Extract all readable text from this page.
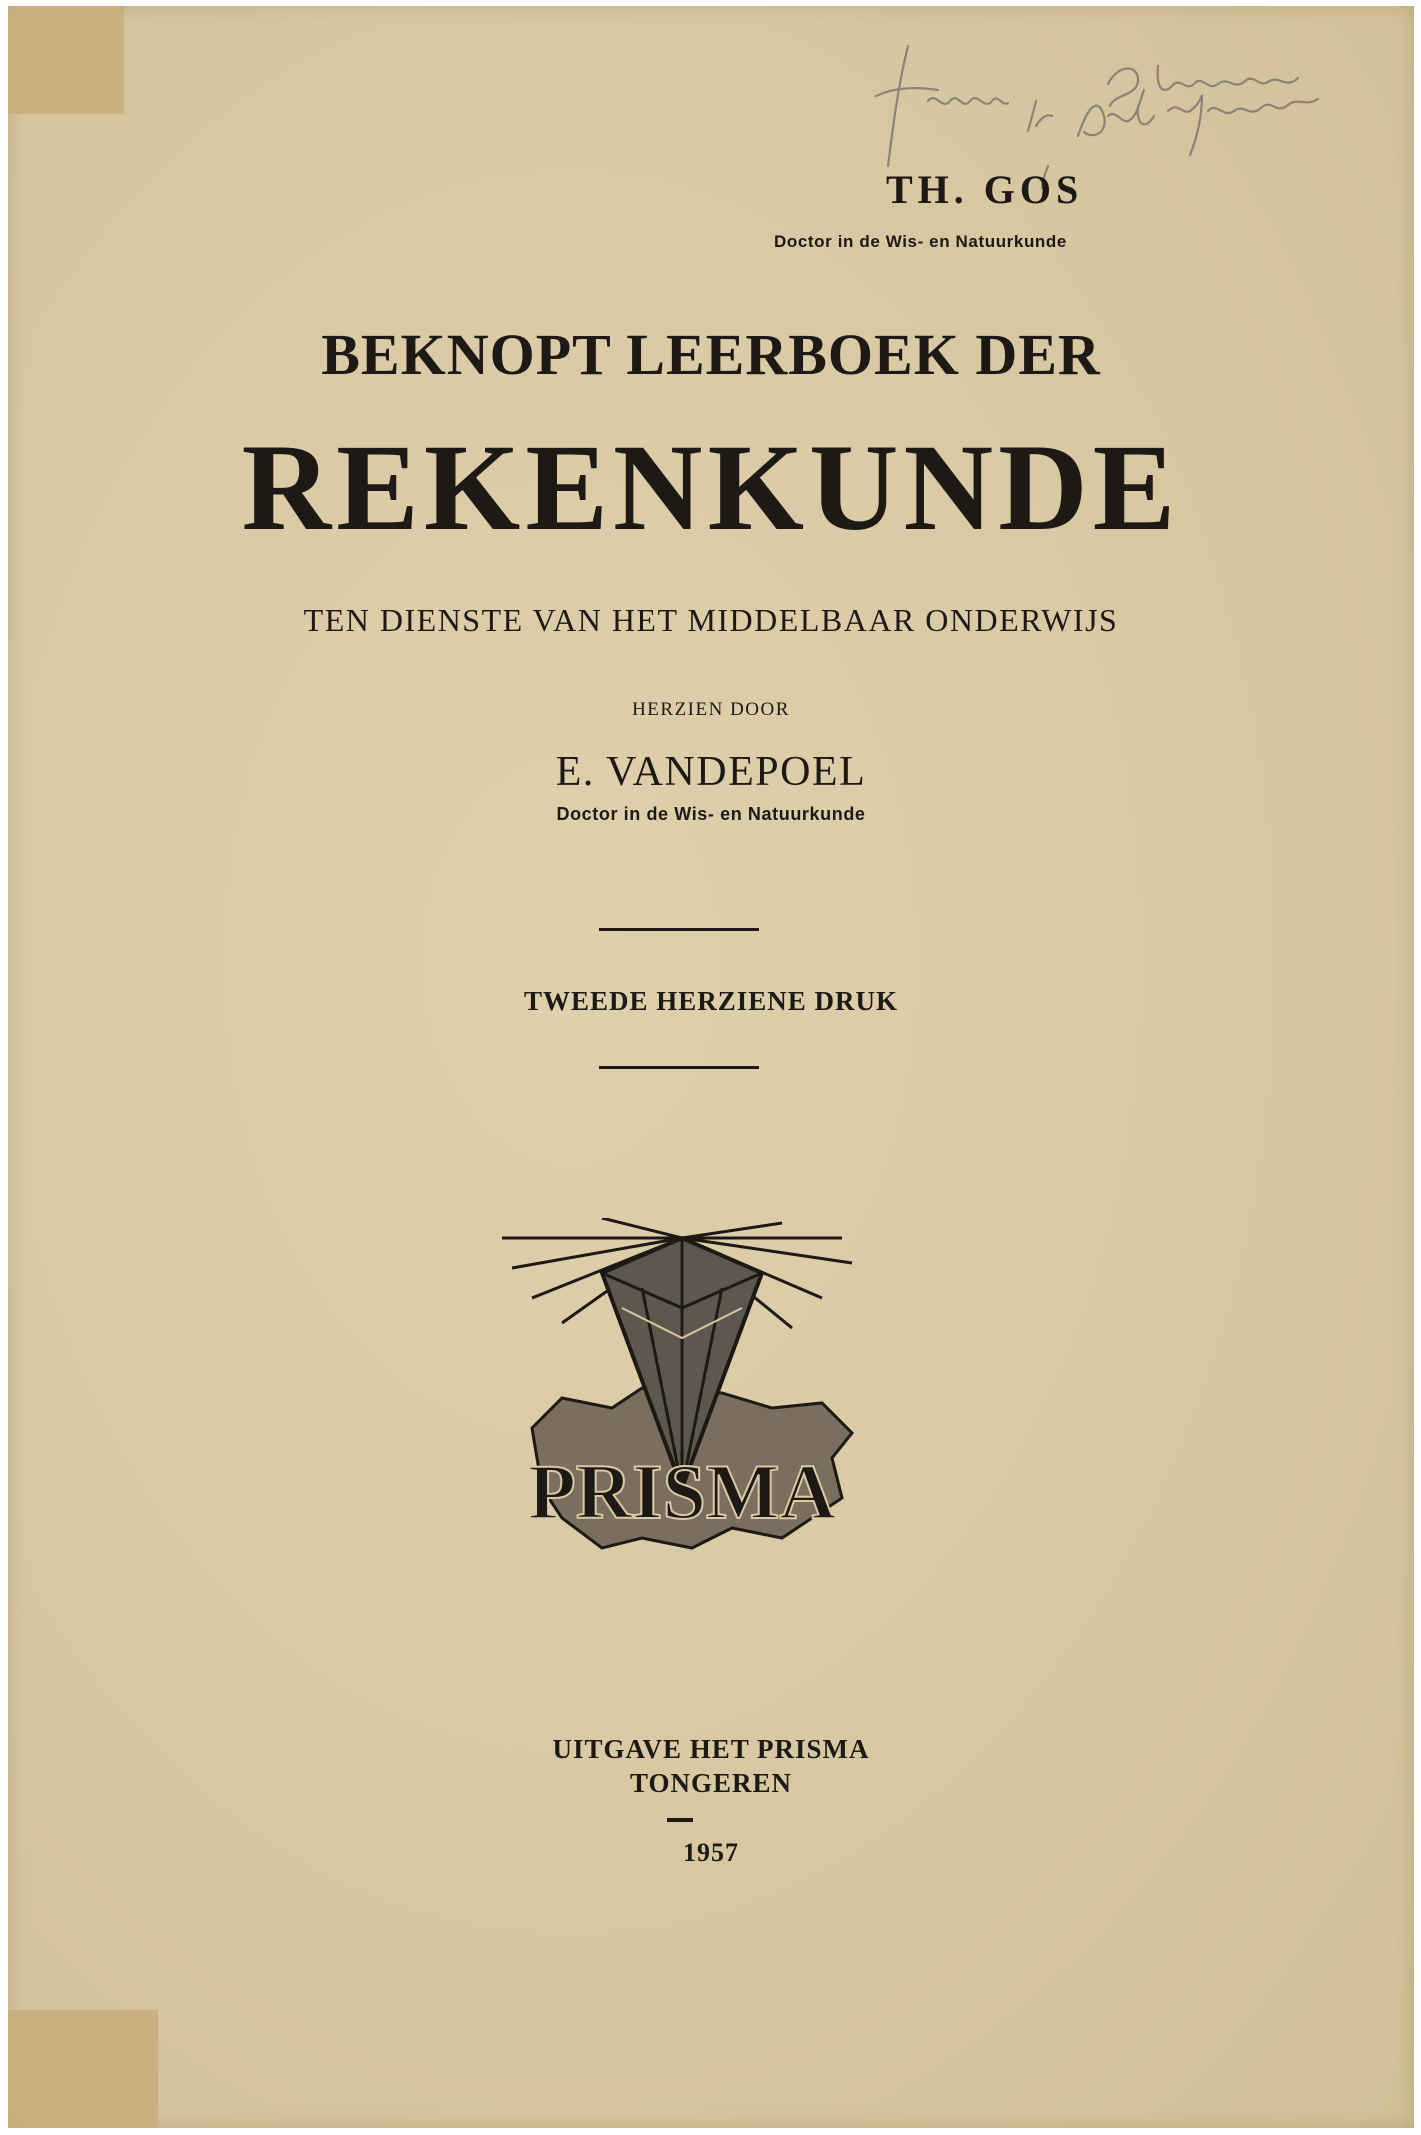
TH. GOS
Doctor in de Wis- en Natuurkunde
BEKNOPT LEERBOEK DER
REKENKUNDE
TEN DIENSTE VAN HET MIDDELBAAR ONDERWIJS
HERZIEN DOOR
E. VANDEPOEL
Doctor in de Wis- en Natuurkunde
TWEEDE HERZIENE DRUK
PRISMA
UITGAVE HET PRISMA
TONGEREN
1957
